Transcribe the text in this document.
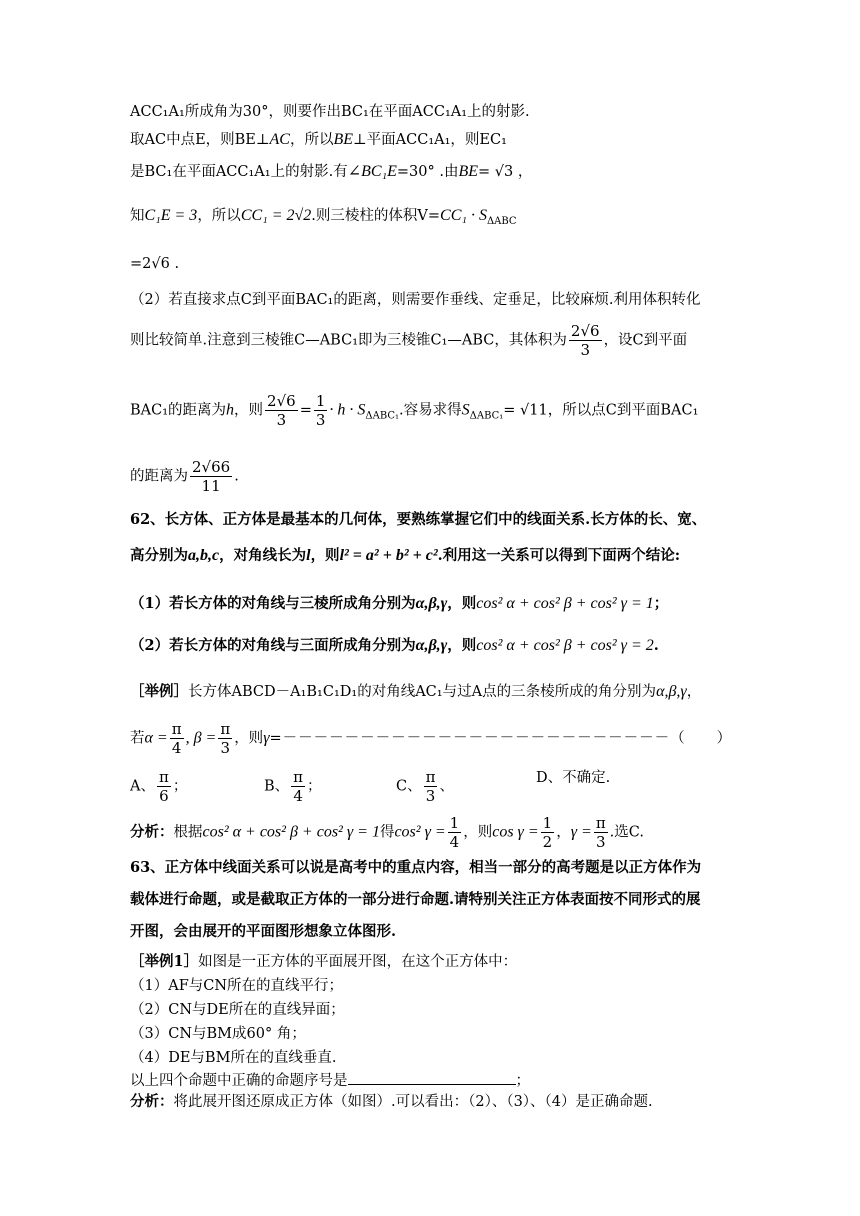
ACC₁A₁所成角为30°，则要作出BC₁在平面ACC₁A₁上的射影.
取AC中点E，则BE⊥AC，所以BE⊥平面ACC₁A₁，则EC₁
是BC₁在平面ACC₁A₁上的射影.有∠BC₁E=30° .由BE= √3 ，
知C₁E = 3，所以CC₁ = 2√2.则三棱柱的体积$V=CC_1 \cdot S_{\Delta ABC}$
=2√6 .
（2）若直接求点C到平面BAC₁的距离，则需要作垂线、定垂足，比较麻烦.利用体积转化
则比较简单.注意到三棱锥C—ABC₁即为三棱锥C₁—ABC，其体积为 $\frac{2√6}{3}$ ，设C到平面
BAC₁的距离为h，则 $\frac{2√6}{3} = \frac{1}{3} \cdot h \cdot S_{\Delta ABC_1}$.容易求得$S_{\Delta ABC_1}= √11$，所以点C到平面BAC₁
的距离为 $\frac{2√66}{11}$ .
62、长方体、正方体是最基本的几何体，要熟练掌握它们中的线面关系.长方体的长、宽、
高分别为a,b,c，对角线长为l，则l² = a² + b² + c².利用这一关系可以得到下面两个结论:
（1）若长方体的对角线与三棱所成角分别为α,β,γ，则cos² α + cos² β + cos² γ = 1；
（2）若长方体的对角线与三面所成角分别为α,β,γ，则cos² α + cos² β + cos² γ = 2.
［举例］长方体ABCD－A₁B₁C₁D₁的对角线AC₁与过A点的三条棱所成的角分别为α,β,γ，
若$\alpha = \frac{\pi}{4}$ , $\beta = \frac{\pi}{3}$ ，则γ=－－－－－－－－－－－－－－－－－－－－－－－－－（　　）
A、 $\frac{\pi}{6}$ ；	B、 $\frac{\pi}{4}$ ；	C、 $\frac{\pi}{3}$ 、
D、不确定.
分析：根据cos² α + cos² β + cos² γ = 1得cos² $\gamma = \frac{1}{4}$ ，则$\cos \gamma = \frac{1}{2}$ ，$\gamma = \frac{\pi}{3}$ .选C.
63、正方体中线面关系可以说是高考中的重点内容，相当一部分的高考题是以正方体作为
载体进行命题，或是截取正方体的一部分进行命题.请特别关注正方体表面按不同形式的展
开图，会由展开的平面图形想象立体图形.
［举例1］如图是一正方体的平面展开图，在这个正方体中：
（1）AF与CN所在的直线平行；
（2）CN与DE所在的直线异面；
（3）CN与BM成60° 角；
（4）DE与BM所在的直线垂直.
以上四个命题中正确的命题序号是	；
分析：将此展开图还原成正方体（如图）.可以看出：（2）、（3）、（4）是正确命题.
